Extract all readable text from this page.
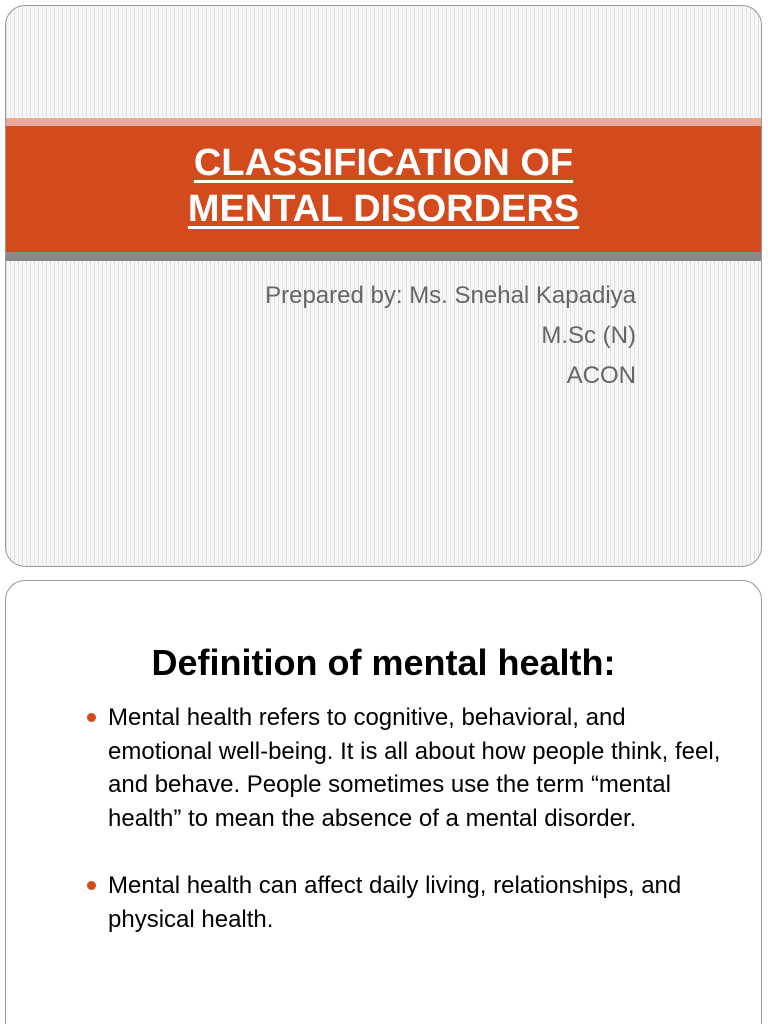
CLASSIFICATION OF
MENTAL DISORDERS
Prepared by: Ms. Snehal Kapadiya
M.Sc (N)
ACON
Definition of mental health:
Mental health refers to cognitive, behavioral, and emotional well-being. It is all about how people think, feel, and behave. People sometimes use the term “mental health” to mean the absence of a mental disorder.
Mental health can affect daily living, relationships, and physical health.
